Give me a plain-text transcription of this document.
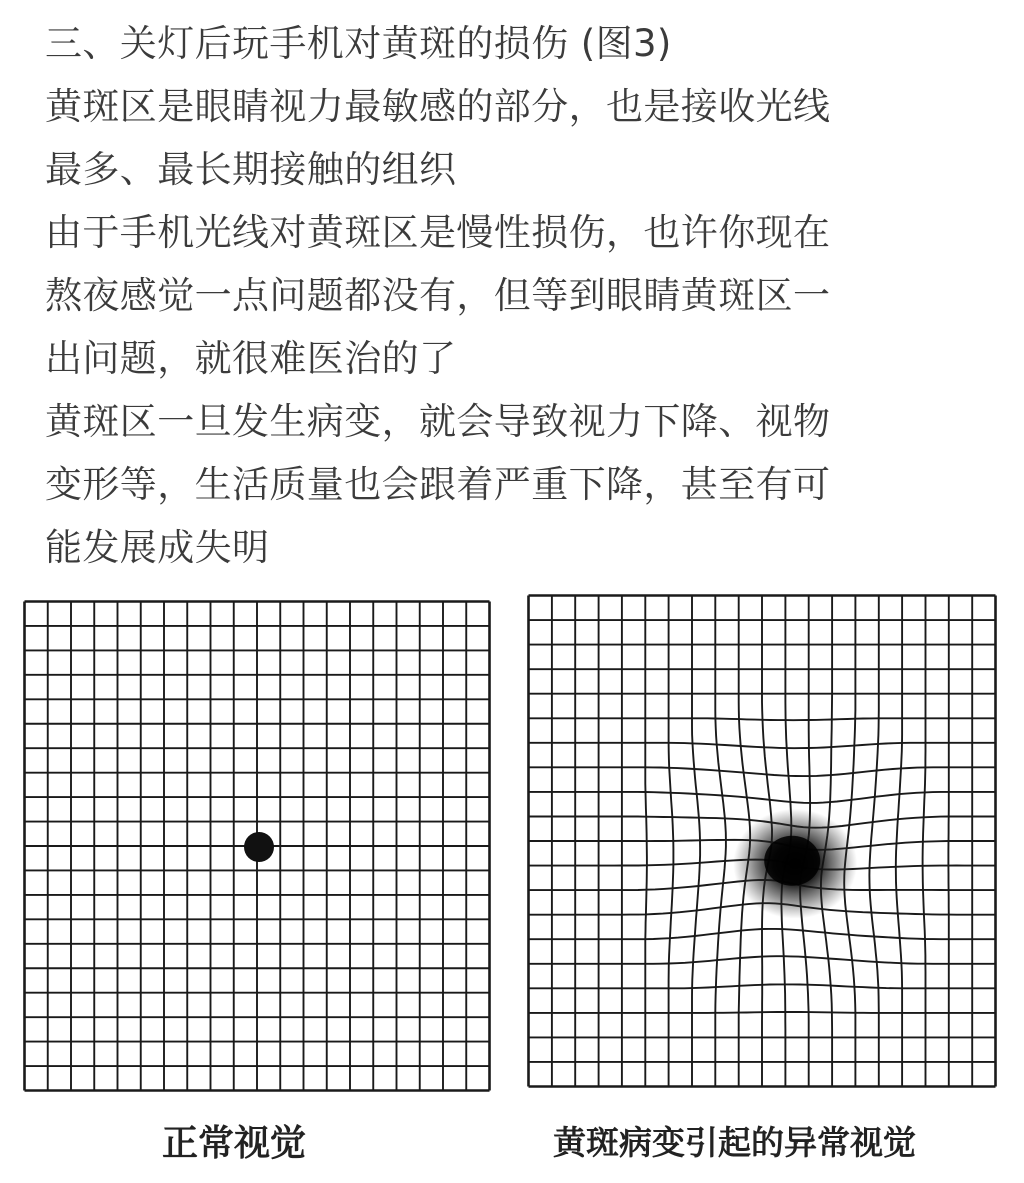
三、关灯后玩手机对黄斑的损伤 (图3)
黄斑区是眼睛视力最敏感的部分，也是接收光线
最多、最长期接触的组织
由于手机光线对黄斑区是慢性损伤，也许你现在
熬夜感觉一点问题都没有，但等到眼睛黄斑区一
出问题，就很难医治的了
黄斑区一旦发生病变，就会导致视力下降、视物
变形等，生活质量也会跟着严重下降，甚至有可
能发展成失明
正常视觉	黄斑病变引起的异常视觉
